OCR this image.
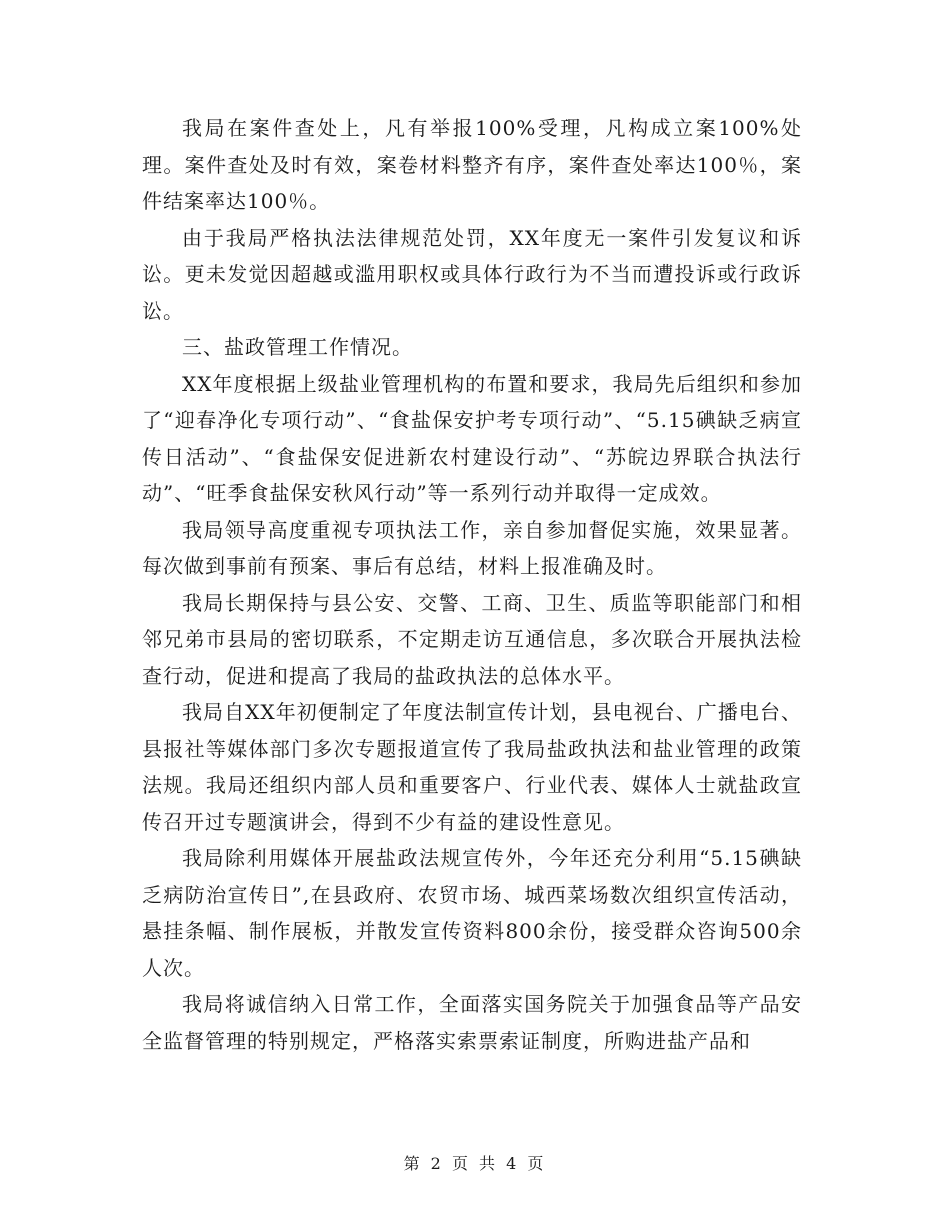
我局在案件查处上，凡有举报100%受理，凡构成立案100%处理。案件查处及时有效，案卷材料整齐有序，案件查处率达100％，案件结案率达100％。

由于我局严格执法法律规范处罚，XX年度无一案件引发复议和诉讼。更未发觉因超越或滥用职权或具体行政行为不当而遭投诉或行政诉讼。

三、盐政管理工作情况。

XX年度根据上级盐业管理机构的布置和要求，我局先后组织和参加了“迎春净化专项行动”、“食盐保安护考专项行动”、“5.15碘缺乏病宣传日活动”、“食盐保安促进新农村建设行动”、“苏皖边界联合执法行动”、“旺季食盐保安秋风行动”等一系列行动并取得一定成效。

我局领导高度重视专项执法工作，亲自参加督促实施，效果显著。每次做到事前有预案、事后有总结，材料上报准确及时。

我局长期保持与县公安、交警、工商、卫生、质监等职能部门和相邻兄弟市县局的密切联系，不定期走访互通信息，多次联合开展执法检查行动，促进和提高了我局的盐政执法的总体水平。

我局自XX年初便制定了年度法制宣传计划，县电视台、广播电台、县报社等媒体部门多次专题报道宣传了我局盐政执法和盐业管理的政策法规。我局还组织内部人员和重要客户、行业代表、媒体人士就盐政宣传召开过专题演讲会，得到不少有益的建设性意见。

我局除利用媒体开展盐政法规宣传外，今年还充分利用“5.15碘缺乏病防治宣传日”,在县政府、农贸市场、城西菜场数次组织宣传活动，悬挂条幅、制作展板，并散发宣传资料800余份，接受群众咨询500余人次。

我局将诚信纳入日常工作，全面落实国务院关于加强食品等产品安全监督管理的特别规定，严格落实索票索证制度，所购进盐产品和

第 2 页 共 4 页
